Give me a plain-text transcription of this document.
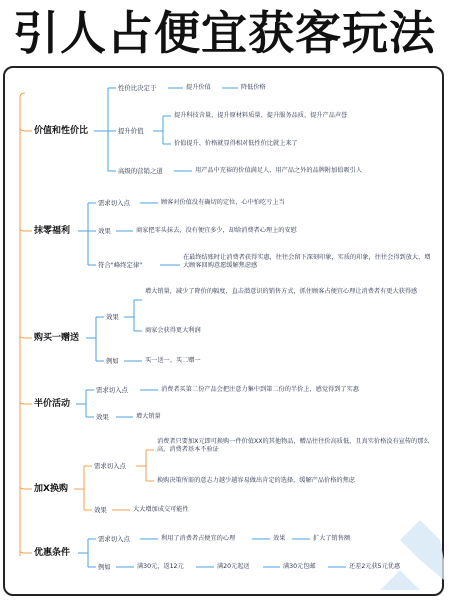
引人占便宜获客玩法
价值和性价比
性价比决定于	提升价值	降低价格
提升价值
提升科技含量、提升原材料质量、提升服务品质、提升产品声誉
价值提升、价格就显得相对低性价比就上来了
高级的营销之道	用产品中充裕的价值满足人、用产品之外的品牌附加值吸引人
抹零福利
需求切入点	顾客对价值没有确切的定位，心中怕吃亏上当
效果	商家把零头抹去，没有便宜多少，却给消费者心理上的安慰
符合"峰终定律"
在最终结账时让消费者获得实惠，往往会留下深刻印象，实质的印象，往往会得到放大、增大顾客回购意愿缓解焦虑感
购买一赠送
效果
增大销量，减少了降价的幅度，直击潜意识的销售方式，抓住顾客占便宜心理让消费者有更大获得感
商家会获得更大利润
例如	买一送一、买二赠一
半价活动
需求切入点	消费者买第二份产品会把注意力集中到第二份的半价上，感觉得到了实惠
效果	增大销量
加X换购
需求切入点
消费者只要加X元即可换购一件价值XX的其他物品，赠品往往价高质低，且真实价格没有宣传的那么高，消费者基本不验证
换购决策所需的意志力越少越容易做出肯定的选择，缓解产品价格的焦虑
效果	大大增加成交可能性
优惠条件
需求切入点	利用了消费者占便宜的心理	效果	扩大了销售额
例如	满30元，返12元	满20元起送	满30元包邮	还差2元获5元优惠
